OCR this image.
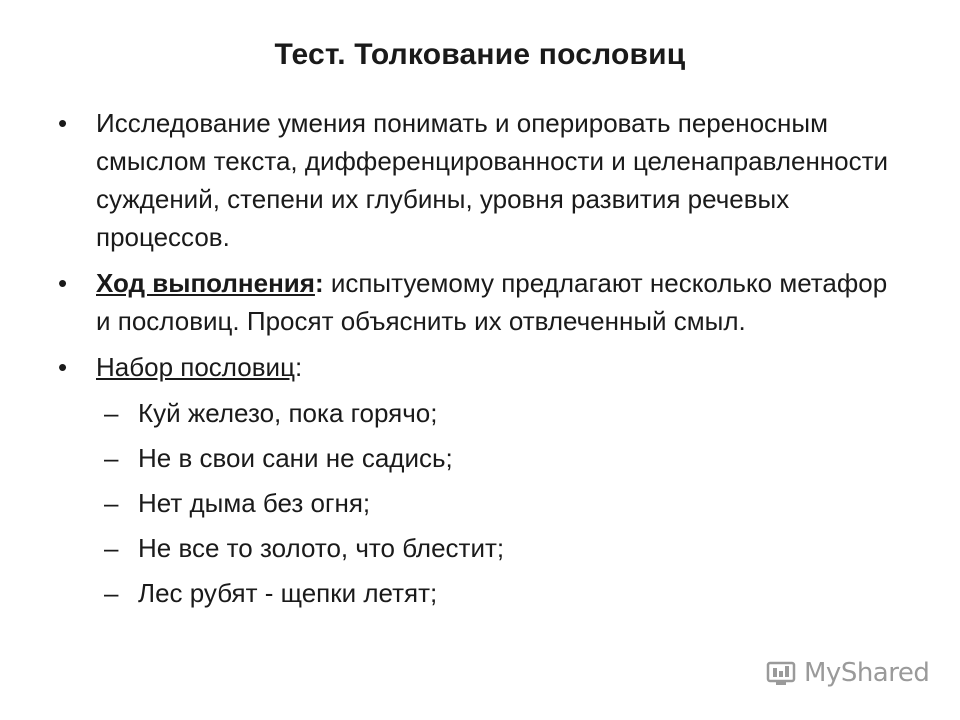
Тест. Толкование пословиц
•	Исследование умения понимать и оперировать переносным смыслом текста, дифференцированности и целенаправленности суждений, степени их глубины, уровня развития речевых процессов.
•	Ход выполнения: испытуемому предлагают несколько метафор и пословиц. Просят объяснить их отвлеченный смыл.
•	Набор пословиц:
– Куй железо, пока горячо;
– Не в свои сани не садись;
– Нет дыма без огня;
– Не все то золото, что блестит;
– Лес рубят - щепки летят;
MyShared
